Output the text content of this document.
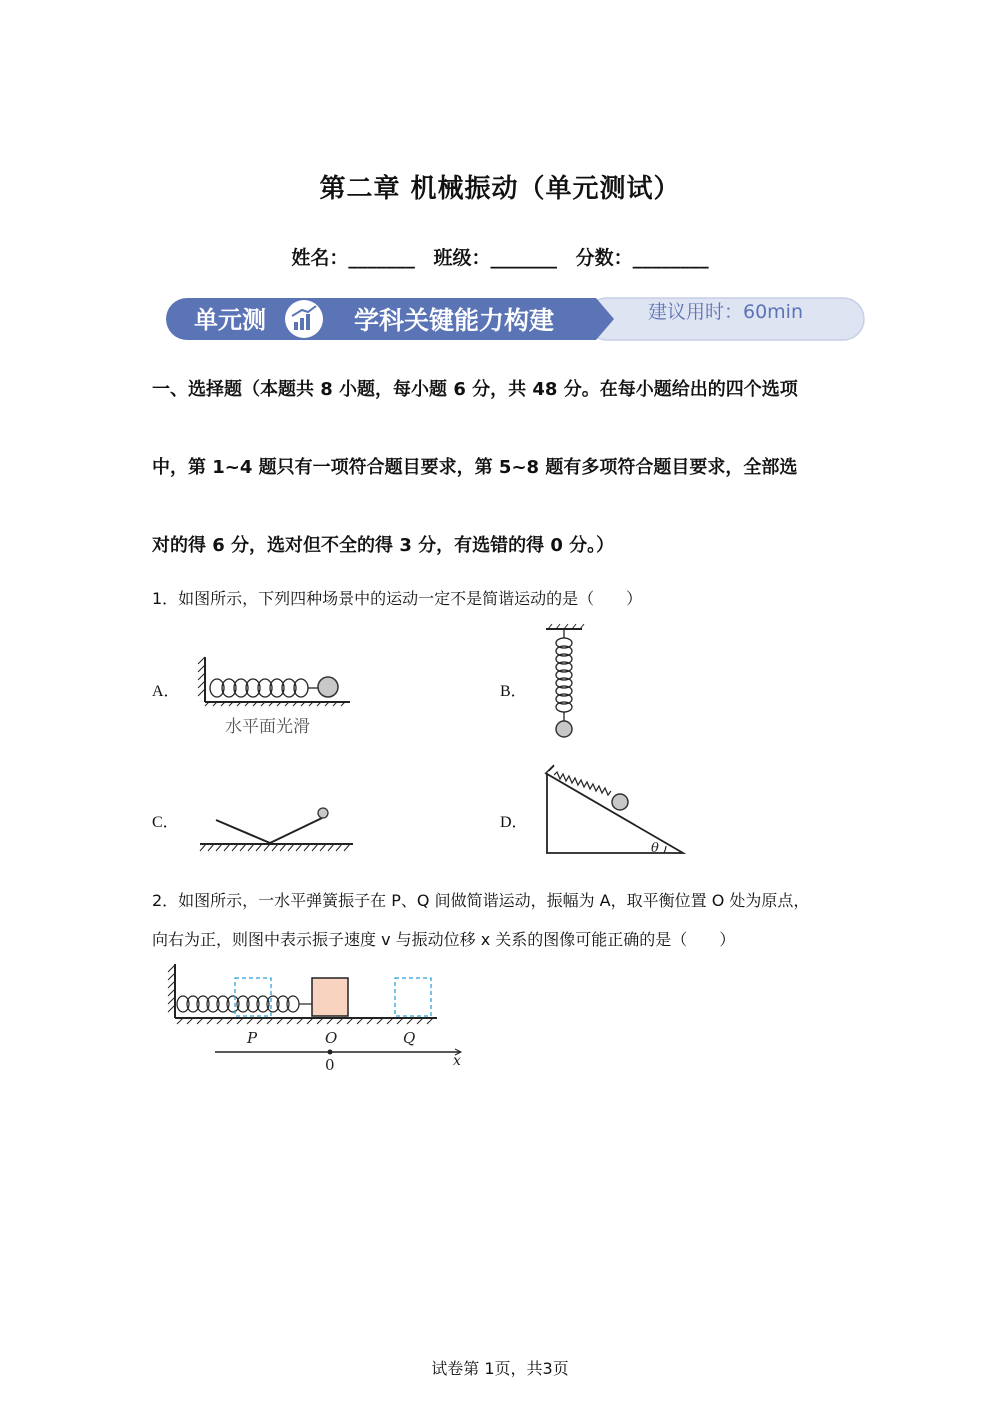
第二章 机械振动（单元测试）
姓名：_______ 班级：_______ 分数：________
单元测	学科关键能力构建	建议用时：60min
一、选择题（本题共 8 小题，每小题 6 分，共 48 分。在每小题给出的四个选项
中，第 1~4 题只有一项符合题目要求，第 5~8 题有多项符合题目要求，全部选
对的得 6 分，选对但不全的得 3 分，有选错的得 0 分。）
1．如图所示，下列四种场景中的运动一定不是简谐运动的是（　　）
A．	B．
C．	D．
水平面光滑
θ
2．如图所示，一水平弹簧振子在 P、Q 间做简谐运动，振幅为 A，取平衡位置 O 处为原点，
向右为正，则图中表示振子速度 v 与振动位移 x 关系的图像可能正确的是（　　）
P	O	Q
0	x
试卷第 1页，共3页
